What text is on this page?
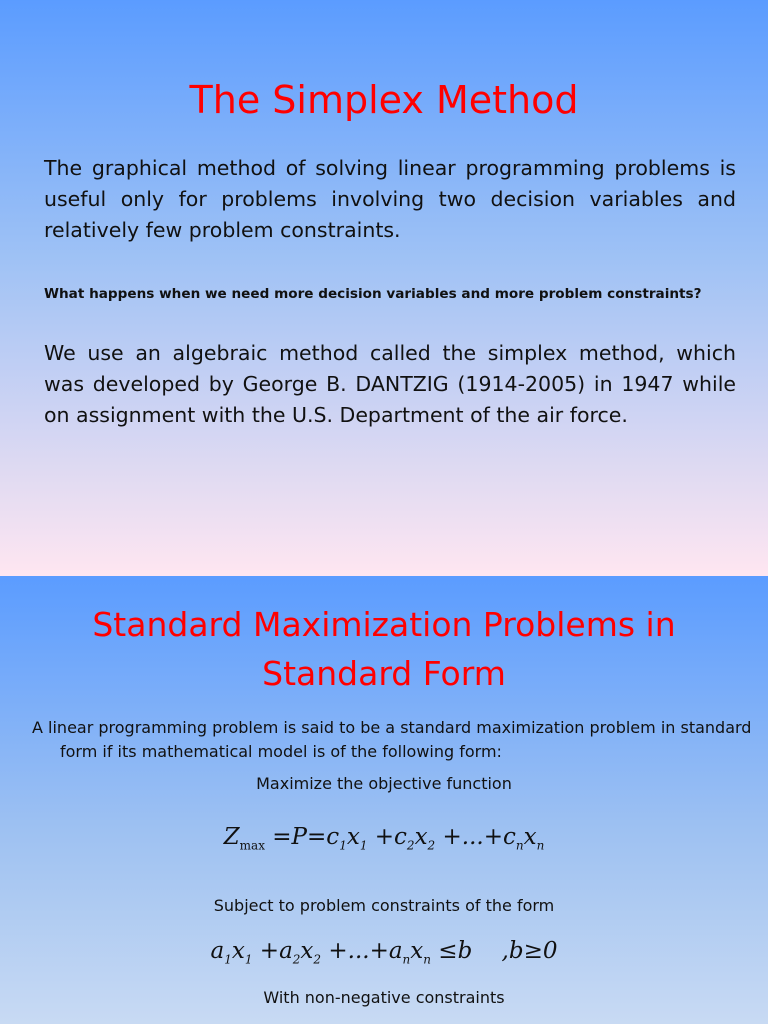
The Simplex Method
The graphical method of solving linear programming problems is useful only for problems involving two decision variables and relatively few problem constraints.
What happens when we need more decision variables and more problem constraints?
We use an algebraic method called the simplex method, which was developed by George B. DANTZIG (1914-2005) in 1947 while on assignment with the U.S. Department of the air force.
Standard Maximization Problems in
Standard Form
A linear programming problem is said to be a standard maximization problem in standard form if its mathematical model is of the following form:
Maximize the objective function
$Z_{max} =P=c_1x_1 +c_2x_2 +...+c_nx_n$
Subject to problem constraints of the form
$a_1x_1 +a_2x_2 +...+a_nx_n \le b$    ,b≥0
With non-negative constraints
